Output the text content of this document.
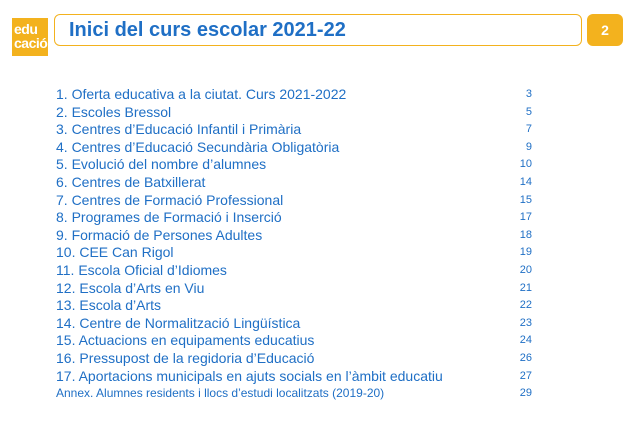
edu
cació
Inici del curs escolar 2021-22	2
1. Oferta educativa a la ciutat. Curs 2021-2022	3
2. Escoles Bressol	5
3. Centres d’Educació Infantil i Primària	7
4. Centres d’Educació Secundària Obligatòria	9
5. Evolució del nombre d’alumnes	10
6. Centres de Batxillerat	14
7. Centres de Formació Professional	15
8. Programes de Formació i Inserció	17
9. Formació de Persones Adultes	18
10. CEE Can Rigol	19
11. Escola Oficial d’Idiomes	20
12. Escola d’Arts en Viu	21
13. Escola d’Arts	22
14. Centre de Normalització Lingüística	23
15. Actuacions en equipaments educatius	24
16. Pressupost de la regidoria d’Educació	26
17. Aportacions municipals en ajuts socials en l’àmbit educatiu	27
Annex. Alumnes residents i llocs d’estudi localitzats (2019-20)	29
